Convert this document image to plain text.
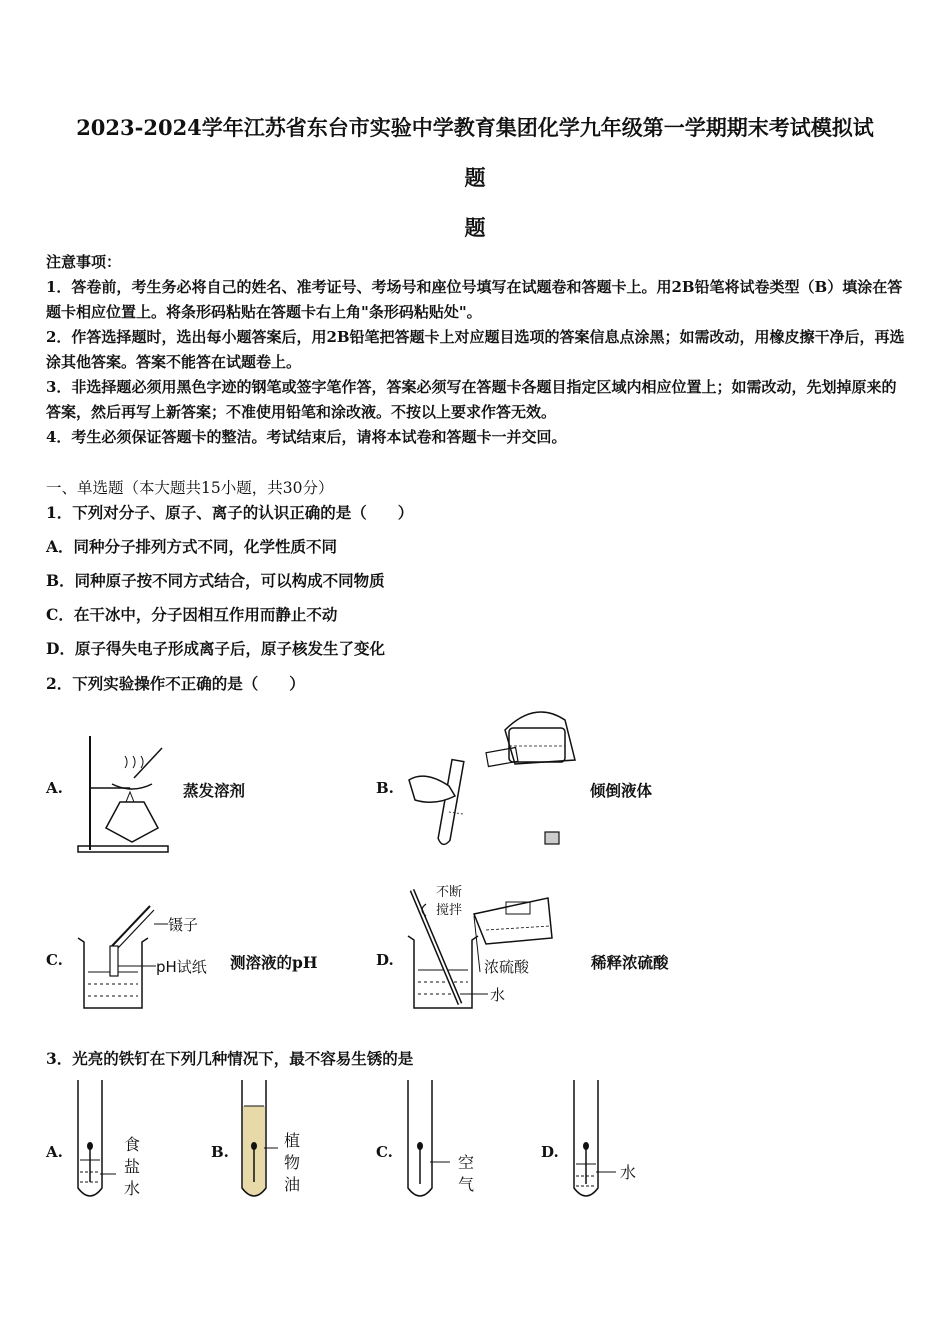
2023-2024学年江苏省东台市实验中学教育集团化学九年级第一学期期末考试模拟试
题
题
注意事项：
1．答卷前，考生务必将自己的姓名、准考证号、考场号和座位号填写在试题卷和答题卡上。用2B铅笔将试卷类型（B）填涂在答题卡相应位置上。将条形码粘贴在答题卡右上角"条形码粘贴处"。
2．作答选择题时，选出每小题答案后，用2B铅笔把答题卡上对应题目选项的答案信息点涂黑；如需改动，用橡皮擦干净后，再选涂其他答案。答案不能答在试题卷上。
3．非选择题必须用黑色字迹的钢笔或签字笔作答，答案必须写在答题卡各题目指定区域内相应位置上；如需改动，先划掉原来的答案，然后再写上新答案；不准使用铅笔和涂改液。不按以上要求作答无效。
4．考生必须保证答题卡的整洁。考试结束后，请将本试卷和答题卡一并交回。
一、单选题（本大题共15小题，共30分）
1．下列对分子、原子、离子的认识正确的是（　　）
A．同种分子排列方式不同，化学性质不同
B．同种原子按不同方式结合，可以构成不同物质
C．在干冰中，分子因相互作用而静止不动
D．原子得失电子形成离子后，原子核发生了变化
2．下列实验操作不正确的是（　　）
A.	蒸发溶剂	B.	倾倒液体
C.
镊子
pH试纸 测溶液的pH	D.
不断
搅拌
浓硫酸
水
稀释浓硫酸
3．光亮的铁钉在下列几种情况下，最不容易生锈的是
A.	食
盐
水
B.
植
物
油
C.
空
气
D.
水
